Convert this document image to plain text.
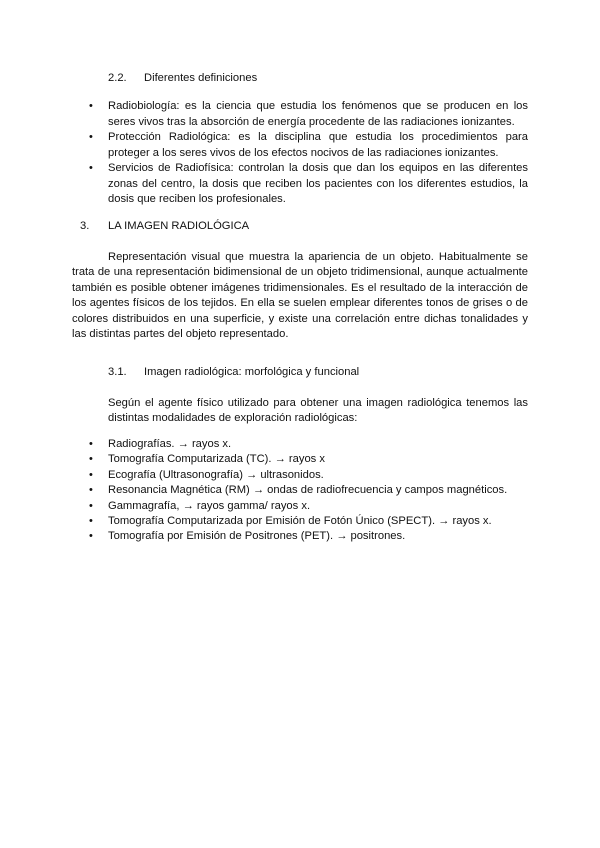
2.2. Diferentes definiciones
• Radiobiología: es la ciencia que estudia los fenómenos que se producen en los seres vivos tras la absorción de energía procedente de las radiaciones ionizantes.
• Protección Radiológica: es la disciplina que estudia los procedimientos para proteger a los seres vivos de los efectos nocivos de las radiaciones ionizantes.
• Servicios de Radiofísica: controlan la dosis que dan los equipos en las diferentes zonas del centro, la dosis que reciben los pacientes con los diferentes estudios, la dosis que reciben los profesionales.
3. LA IMAGEN RADIOLÓGICA

Representación visual que muestra la apariencia de un objeto. Habitualmente se trata de una representación bidimensional de un objeto tridimensional, aunque actualmente también es posible obtener imágenes tridimensionales. Es el resultado de la interacción de los agentes físicos de los tejidos. En ella se suelen emplear diferentes tonos de grises o de colores distribuidos en una superficie, y existe una correlación entre dichas tonalidades y las distintas partes del objeto representado.

3.1. Imagen radiológica: morfológica y funcional

Según el agente físico utilizado para obtener una imagen radiológica tenemos las distintas modalidades de exploración radiológicas:

• Radiografías. → rayos x.
• Tomografía Computarizada (TC). → rayos x
• Ecografía (Ultrasonografía) → ultrasonidos.
• Resonancia Magnética (RM) → ondas de radiofrecuencia y campos magnéticos.
• Gammagrafía, → rayos gamma/ rayos x.
• Tomografía Computarizada por Emisión de Fotón Único (SPECT). → rayos x.
• Tomografía por Emisión de Positrones (PET). → positrones.
